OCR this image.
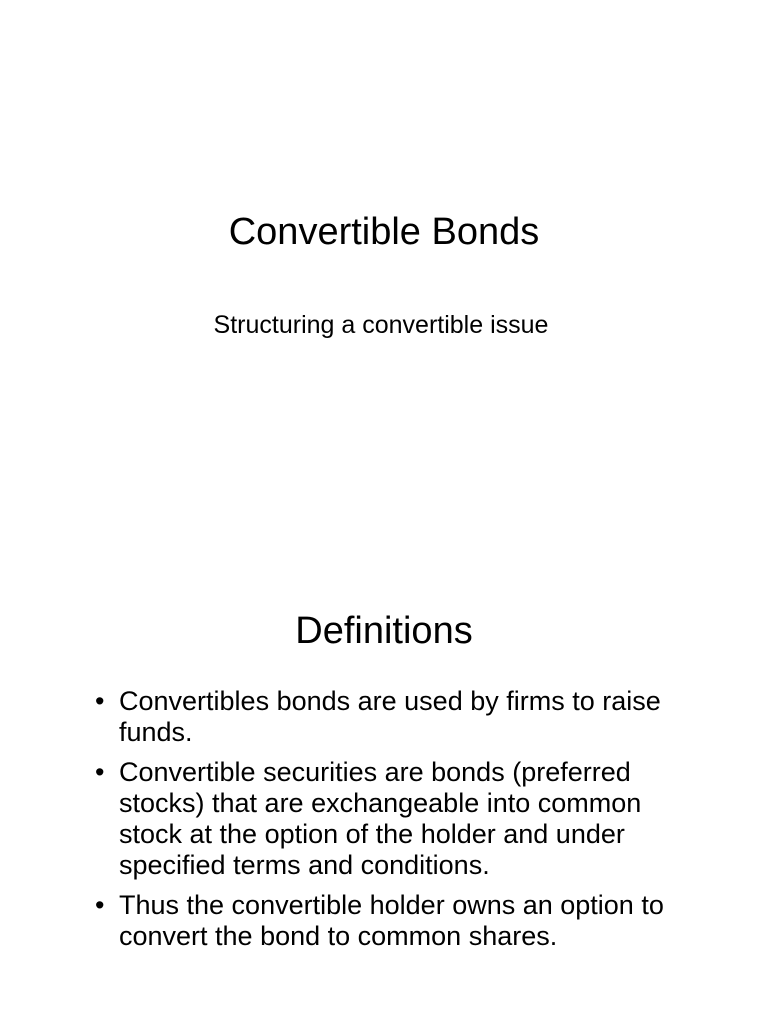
Convertible Bonds

Structuring a convertible issue

Definitions
• Convertibles bonds are used by firms to raise funds.
• Convertible securities are bonds (preferred stocks) that are exchangeable into common stock at the option of the holder and under specified terms and conditions.
• Thus the convertible holder owns an option to convert the bond to common shares.
